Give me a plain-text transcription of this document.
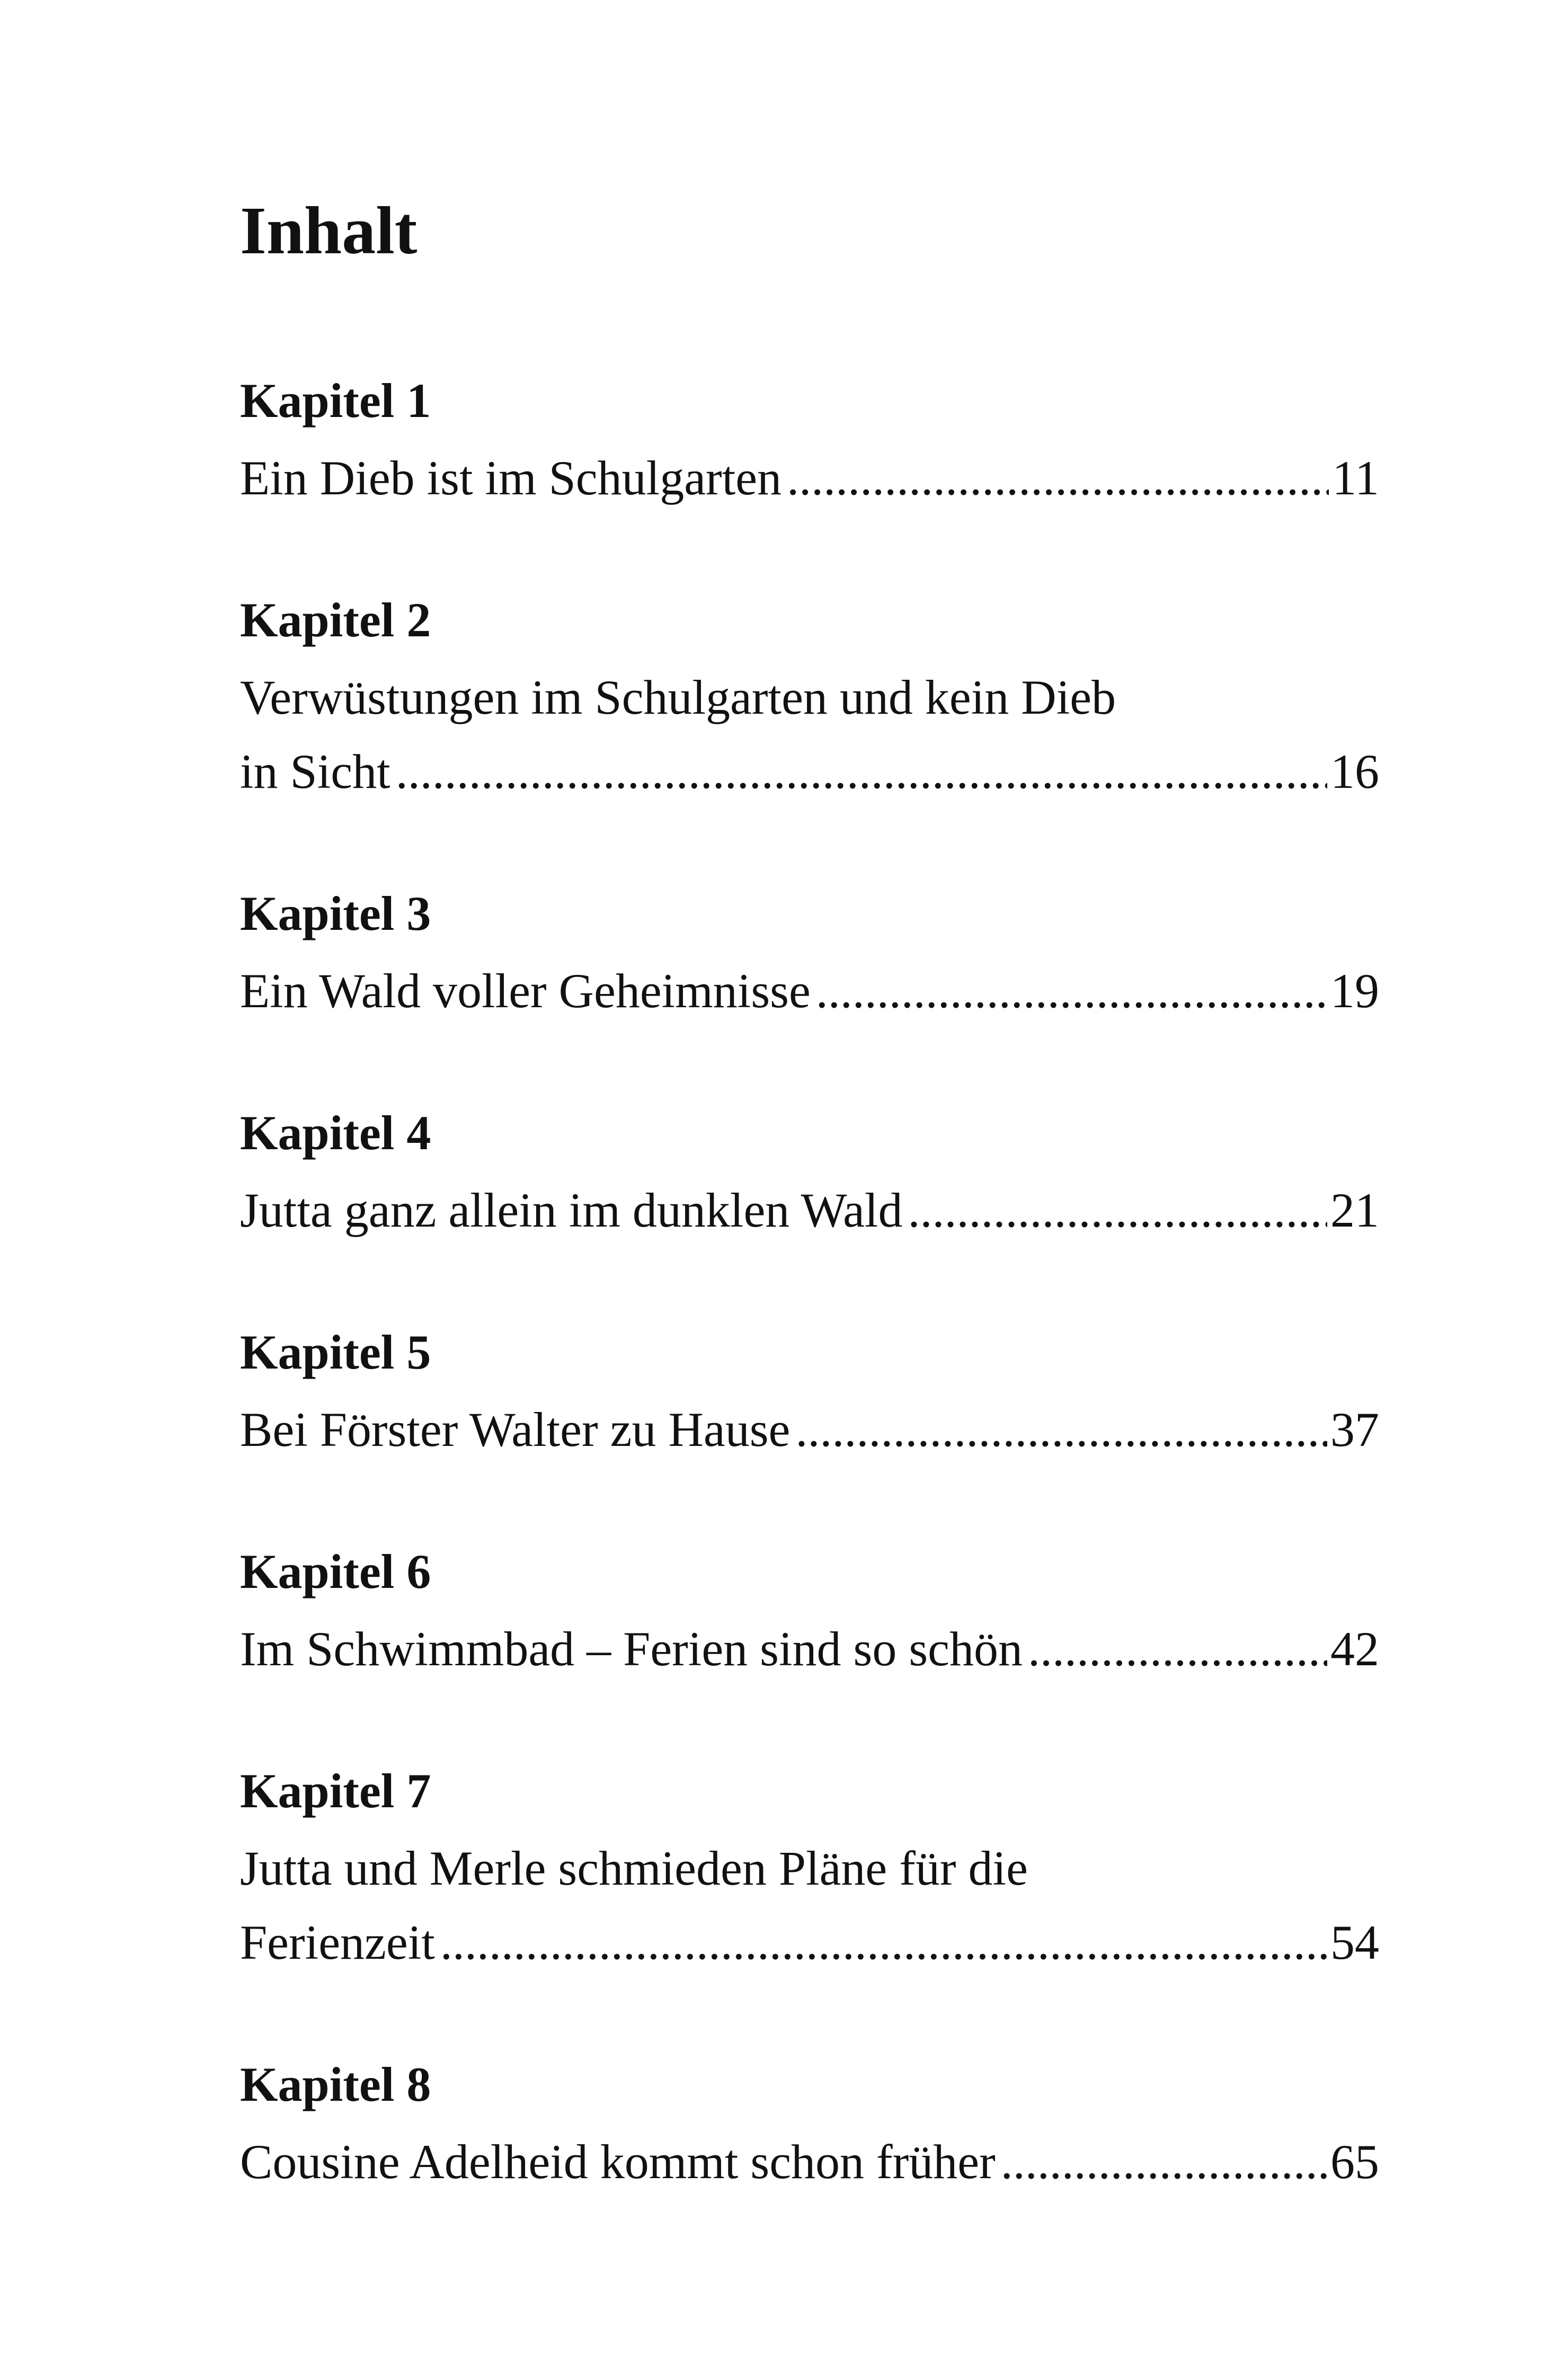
Inhalt
Kapitel 1
Ein Dieb ist im Schulgarten .....	11
Kapitel 2
Verwüstungen im Schulgarten und kein Dieb
in Sicht .....	16
Kapitel 3
Ein Wald voller Geheimnisse .....	19
Kapitel 4
Jutta ganz allein im dunklen Wald .....	21
Kapitel 5
Bei Förster Walter zu Hause .....	37
Kapitel 6
Im Schwimmbad – Ferien sind so schön .....	42
Kapitel 7
Jutta und Merle schmieden Pläne für die
Ferienzeit .....	54
Kapitel 8
Cousine Adelheid kommt schon früher .....	65
